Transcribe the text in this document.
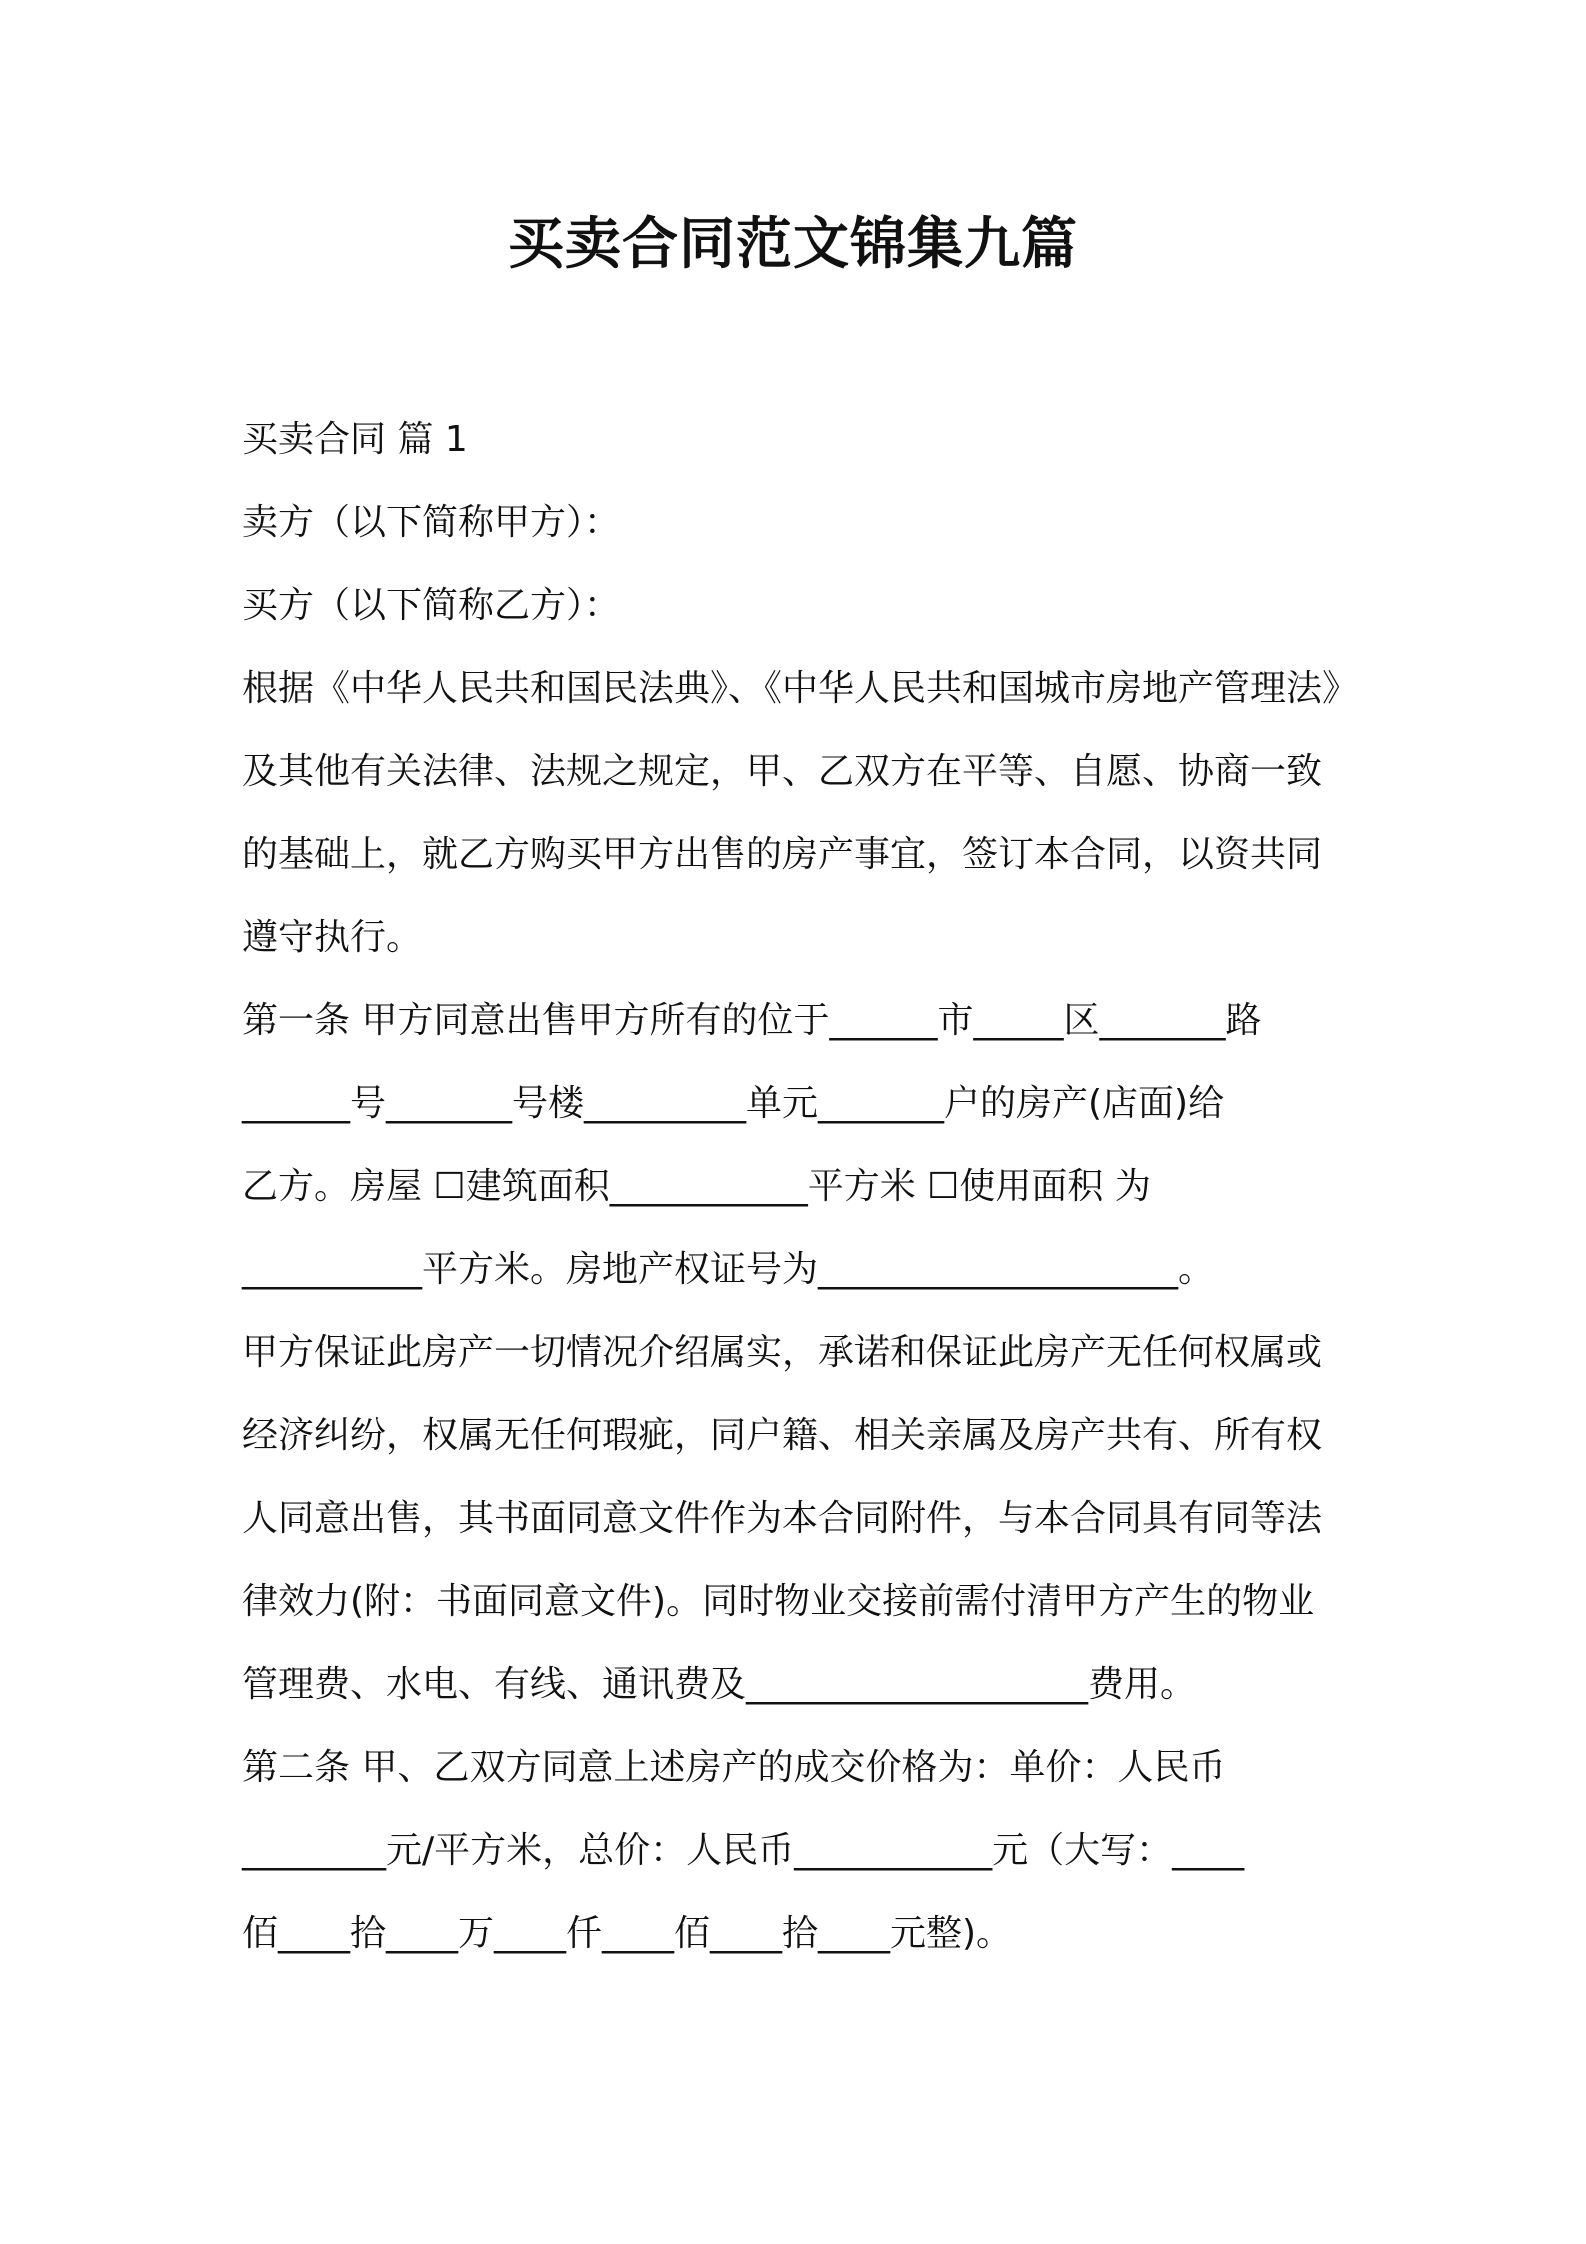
买卖合同范文锦集九篇

买卖合同 篇 1

卖方（以下简称甲方）：

买方（以下简称乙方）：

根据《中华人民共和国民法典》、《中华人民共和国城市房地产管理法》

及其他有关法律、法规之规定，甲、乙双方在平等、自愿、协商一致

的基础上，就乙方购买甲方出售的房产事宜，签订本合同，以资共同

遵守执行。

第一条 甲方同意出售甲方所有的位于______市_____区_______路

______号_______号楼_________单元_______户的房产(店面)给

乙方。房屋 ☐建筑面积___________平方米 ☐使用面积 为

__________平方米。房地产权证号为____________________。

甲方保证此房产一切情况介绍属实，承诺和保证此房产无任何权属或

经济纠纷，权属无任何瑕疵，同户籍、相关亲属及房产共有、所有权

人同意出售，其书面同意文件作为本合同附件，与本合同具有同等法

律效力(附：书面同意文件)。同时物业交接前需付清甲方产生的物业

管理费、水电、有线、通讯费及___________________费用。

第二条 甲、乙双方同意上述房产的成交价格为：单价：人民币

________元/平方米，总价：人民币___________元（大写：____

佰____拾____万____仟____佰____拾____元整)。
